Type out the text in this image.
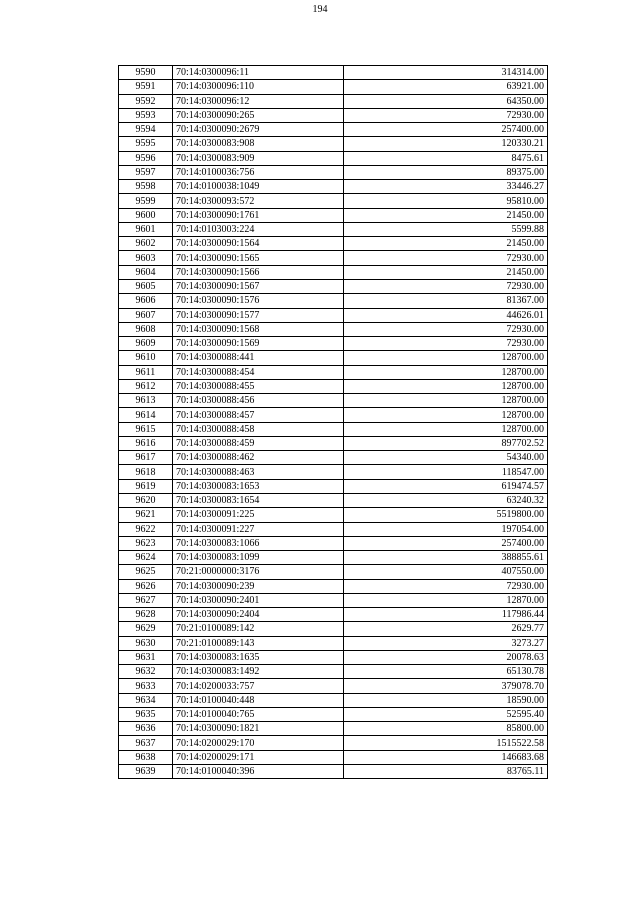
194
9590	70:14:0300096:11	314314.00
9591	70:14:0300096:110	63921.00
9592	70:14:0300096:12	64350.00
9593	70:14:0300090:265	72930.00
9594	70:14:0300090:2679	257400.00
9595	70:14:0300083:908	120330.21
9596	70:14:0300083:909	8475.61
9597	70:14:0100036:756	89375.00
9598	70:14:0100038:1049	33446.27
9599	70:14:0300093:572	95810.00
9600	70:14:0300090:1761	21450.00
9601	70:14:0103003:224	5599.88
9602	70:14:0300090:1564	21450.00
9603	70:14:0300090:1565	72930.00
9604	70:14:0300090:1566	21450.00
9605	70:14:0300090:1567	72930.00
9606	70:14:0300090:1576	81367.00
9607	70:14:0300090:1577	44626.01
9608	70:14:0300090:1568	72930.00
9609	70:14:0300090:1569	72930.00
9610	70:14:0300088:441	128700.00
9611	70:14:0300088:454	128700.00
9612	70:14:0300088:455	128700.00
9613	70:14:0300088:456	128700.00
9614	70:14:0300088:457	128700.00
9615	70:14:0300088:458	128700.00
9616	70:14:0300088:459	897702.52
9617	70:14:0300088:462	54340.00
9618	70:14:0300088:463	118547.00
9619	70:14:0300083:1653	619474.57
9620	70:14:0300083:1654	63240.32
9621	70:14:0300091:225	5519800.00
9622	70:14:0300091:227	197054.00
9623	70:14:0300083:1066	257400.00
9624	70:14:0300083:1099	388855.61
9625	70:21:0000000:3176	407550.00
9626	70:14:0300090:239	72930.00
9627	70:14:0300090:2401	12870.00
9628	70:14:0300090:2404	117986.44
9629	70:21:0100089:142	2629.77
9630	70:21:0100089:143	3273.27
9631	70:14:0300083:1635	20078.63
9632	70:14:0300083:1492	65130.78
9633	70:14:0200033:757	379078.70
9634	70:14:0100040:448	18590.00
9635	70:14:0100040:765	52595.40
9636	70:14:0300090:1821	85800.00
9637	70:14:0200029:170	1515522.58
9638	70:14:0200029:171	146683.68
9639	70:14:0100040:396	83765.11
